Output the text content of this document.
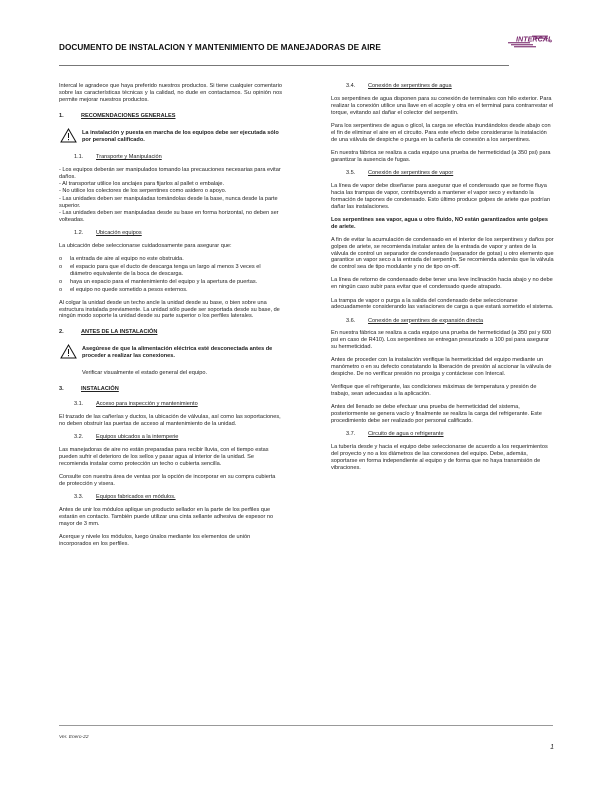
DOCUMENTO DE INSTALACION Y MANTENIMIENTO DE MANEJADORAS DE AIRE
INTERCAL

Intercal le agradece que haya preferido nuestros productos. Si tiene cualquier comentario sobre las características técnicas y la calidad, no dude en contactarnos. Su opinión nos permite mejorar nuestros productos.

1.	RECOMENDACIONES GENERALES
La instalación y puesta en marcha de los equipos debe ser ejecutada sólo por personal calificado.
1.1. Transporte y Manipulación
- Los equipos deberán ser manipulados tomando las precauciones necesarias para evitar daños.
- Al transportar utilice los anclajes para fijarlos al pallet o embalaje.
- No utilice los colectores de los serpentines como asidero o apoyo.
- Las unidades deben ser manipuladas tomándolas desde la base, nunca desde la parte superior.
- Las unidades deben ser manipuladas desde su base en forma horizontal, no deben ser volteadas.
1.2. Ubicación equipos

La ubicación debe seleccionarse cuidadosamente para asegurar que:

o la entrada de aire al equipo no este obstruida.
o el espacio para que el ducto de descarga tenga un largo al menos 3 veces el diámetro equivalente de la boca de descarga.
o haya un espacio para el mantenimiento del equipo y la apertura de puertas.
o el equipo no quede sometido a pesos externos.

Al colgar la unidad desde un techo ancle la unidad desde su base, o bien sobre una estructura instalada previamente. La unidad sólo puede ser soportada desde su base, de ningún modo soporte la unidad desde su parte superior o los perfiles laterales.

2.	ANTES DE LA INSTALACIÓN
Asegúrese de que la alimentación eléctrica esté desconectada antes de proceder a realizar las conexiones.

Verificar visualmente el estado general del equipo.

3.	INSTALACIÓN
3.1. Acceso para inspección y mantenimiento

El trazado de las cañerías y ductos, la ubicación de válvulas, así como las soportaciones, no deben obstruir las puertas de acceso al mantenimiento de la unidad.

3.2. Equipos ubicados a la intemperie

Las manejadoras de aire no están preparadas para recibir lluvia, con el tiempo estas pueden sufrir el deterioro de los sellos y pasar agua al interior de la unidad. Se recomienda instalar como protección un techo o cubierta sencilla.

Consulte con nuestra área de ventas por la opción de incorporar en su compra cubierta de protección y visera.

3.3. Equipos fabricados en módulos.

Antes de unir los módulos aplique un producto sellador en la parte de los perfiles que estarán en contacto. También puede utilizar una cinta sellante adhesiva de espesor no mayor de 3 mm.

Acerque y nivele los módulos, luego únalos mediante los elementos de unión incorporados en los perfiles.

3.4. Conexión de serpentines de agua

Los serpentines de agua disponen para su conexión de terminales con hilo exterior. Para realizar la conexión utilice una llave en el acople y otra en el terminal para contrarrestar el torque, evitando así dañar el colector del serpentín.

Para los serpentines de agua o glicol, la carga se efectúa inundándolos desde abajo con el fin de eliminar el aire en el circuito. Para este efecto debe considerarse la instalación de una válvula de despiche o purga en la cañería de conexión a los serpentines.

En nuestra fábrica se realiza a cada equipo una prueba de hermeticidad (a 350 psi) para garantizar la ausencia de fugas.

3.5. Conexión de serpentines de vapor

La línea de vapor debe diseñarse para asegurar que el condensado que se forme fluya hacia las trampas de vapor, contribuyendo a mantener el vapor seco y evitando la formación de tapones de condensado. Esto último produce golpes de ariete que podrían dañar las instalaciones.

Los serpentines sea vapor, agua u otro fluido, NO están garantizados ante golpes de ariete.

A fin de evitar la acumulación de condensado en el interior de los serpentines y daños por golpes de ariete, se recomienda instalar antes de la entrada de vapor y antes de la válvula de control un separador de condensado (separador de gotas) u otro elemento que garantice un vapor seco a la entrada del serpentín. Se recomienda además que la válvula de control sea de tipo modulante y no de tipo on-off.

La línea de retorno de condensado debe tener una leve inclinación hacia abajo y no debe en ningún caso subir para evitar que el condensado quede atrapado.

La trampa de vapor o purga a la salida del condensado debe seleccionarse adecuadamente considerando las variaciones de carga a que estará sometido el sistema.

3.6. Conexión de serpentines de expansión directa

En nuestra fábrica se realiza a cada equipo una prueba de hermeticidad (a 350 psi y 600 psi en caso de R410). Los serpentines se entregan presurizado a 100 psi para asegurar su hermeticidad.

Antes de proceder con la instalación verifique la hermeticidad del equipo mediante un manómetro o en su defecto constatando la liberación de presión al accionar la válvula de despiche. De no verificar presión no prosiga y contáctese con Intercal.

Verifique que el refrigerante, las condiciones máximas de temperatura y presión de trabajo, sean adecuadas a la aplicación.

Antes del llenado se debe efectuar una prueba de hermeticidad del sistema, posteriormente se genera vacío y finalmente se realiza la carga del refrigerante. Este procedimiento debe ser realizado por personal calificado.

3.7. Circuito de agua o refrigerante

La tubería desde y hacia el equipo debe seleccionarse de acuerdo a los requerimientos del proyecto y no a los diámetros de las conexiones del equipo. Debe, además, soportarse en forma independiente al equipo y de forma que no haya transmisión de vibraciones.

Ver. Enero-22
1
